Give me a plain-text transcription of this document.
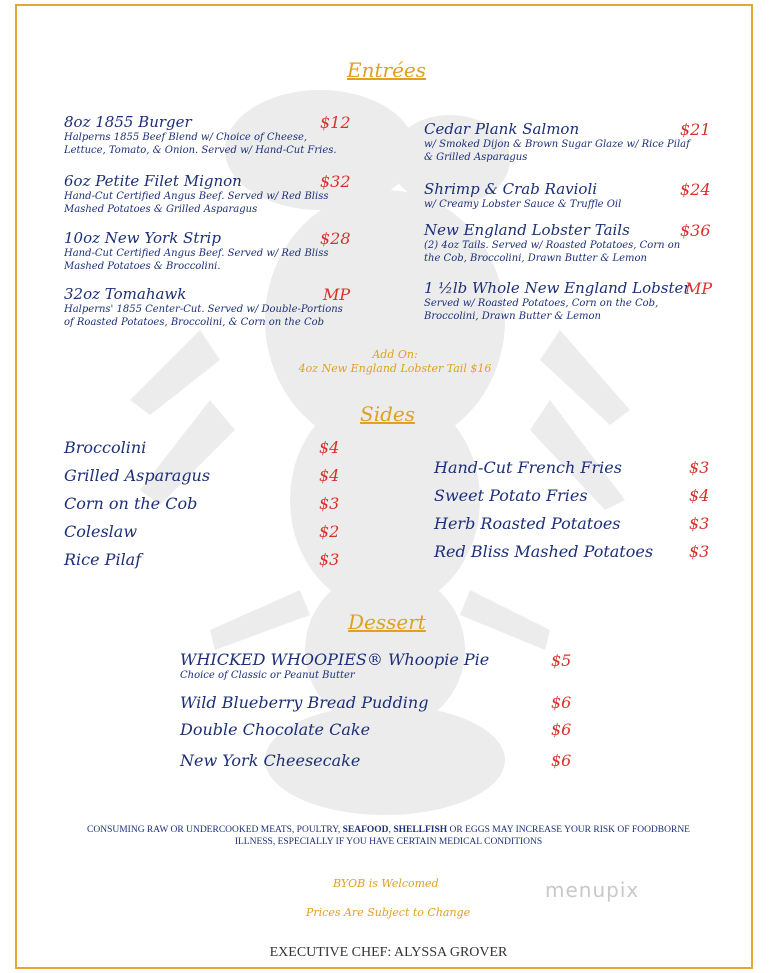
Entrées
8oz 1855 Burger
Halperns 1855 Beef Blend w/ Choice of Cheese,
Lettuce, Tomato, & Onion. Served w/ Hand-Cut Fries.
$12
6oz Petite Filet Mignon
Hand-Cut Certified Angus Beef. Served w/ Red Bliss
Mashed Potatoes & Grilled Asparagus
$32
10oz New York Strip
Hand-Cut Certified Angus Beef. Served w/ Red Bliss
Mashed Potatoes & Broccolini.
$28
32oz Tomahawk
Halperns' 1855 Center-Cut. Served w/ Double-Portions
of Roasted Potatoes, Broccolini, & Corn on the Cob
MP
Cedar Plank Salmon
w/ Smoked Dijon & Brown Sugar Glaze w/ Rice Pilaf
& Grilled Asparagus
$21
Shrimp & Crab Ravioli
w/ Creamy Lobster Sauce & Truffle Oil
$24
New England Lobster Tails
(2) 4oz Tails. Served w/ Roasted Potatoes, Corn on
the Cob, Broccolini, Drawn Butter & Lemon
$36
1 ½lb Whole New England Lobster
Served w/ Roasted Potatoes, Corn on the Cob,
Broccolini, Drawn Butter & Lemon
MP
Add On:
4oz New England Lobster Tail $16
Sides
Broccolini	$4
Grilled Asparagus	$4
Corn on the Cob	$3
Coleslaw	$2
Rice Pilaf	$3
Hand-Cut French Fries	$3
Sweet Potato Fries	$4
Herb Roasted Potatoes	$3
Red Bliss Mashed Potatoes $3
Dessert
WHICKED WHOOPIES® Whoopie Pie
Choice of Classic or Peanut Butter
$5
Wild Blueberry Bread Pudding	$6
Double Chocolate Cake	$6
New York Cheesecake	$6
CONSUMING RAW OR UNDERCOOKED MEATS, POULTRY, SEAFOOD, SHELLFISH OR EGGS MAY INCREASE YOUR RISK OF FOODBORNE
ILLNESS, ESPECIALLY IF YOU HAVE CERTAIN MEDICAL CONDITIONS
BYOB is Welcomed
Prices Are Subject to Change
menupix
EXECUTIVE CHEF: ALYSSA GROVER
